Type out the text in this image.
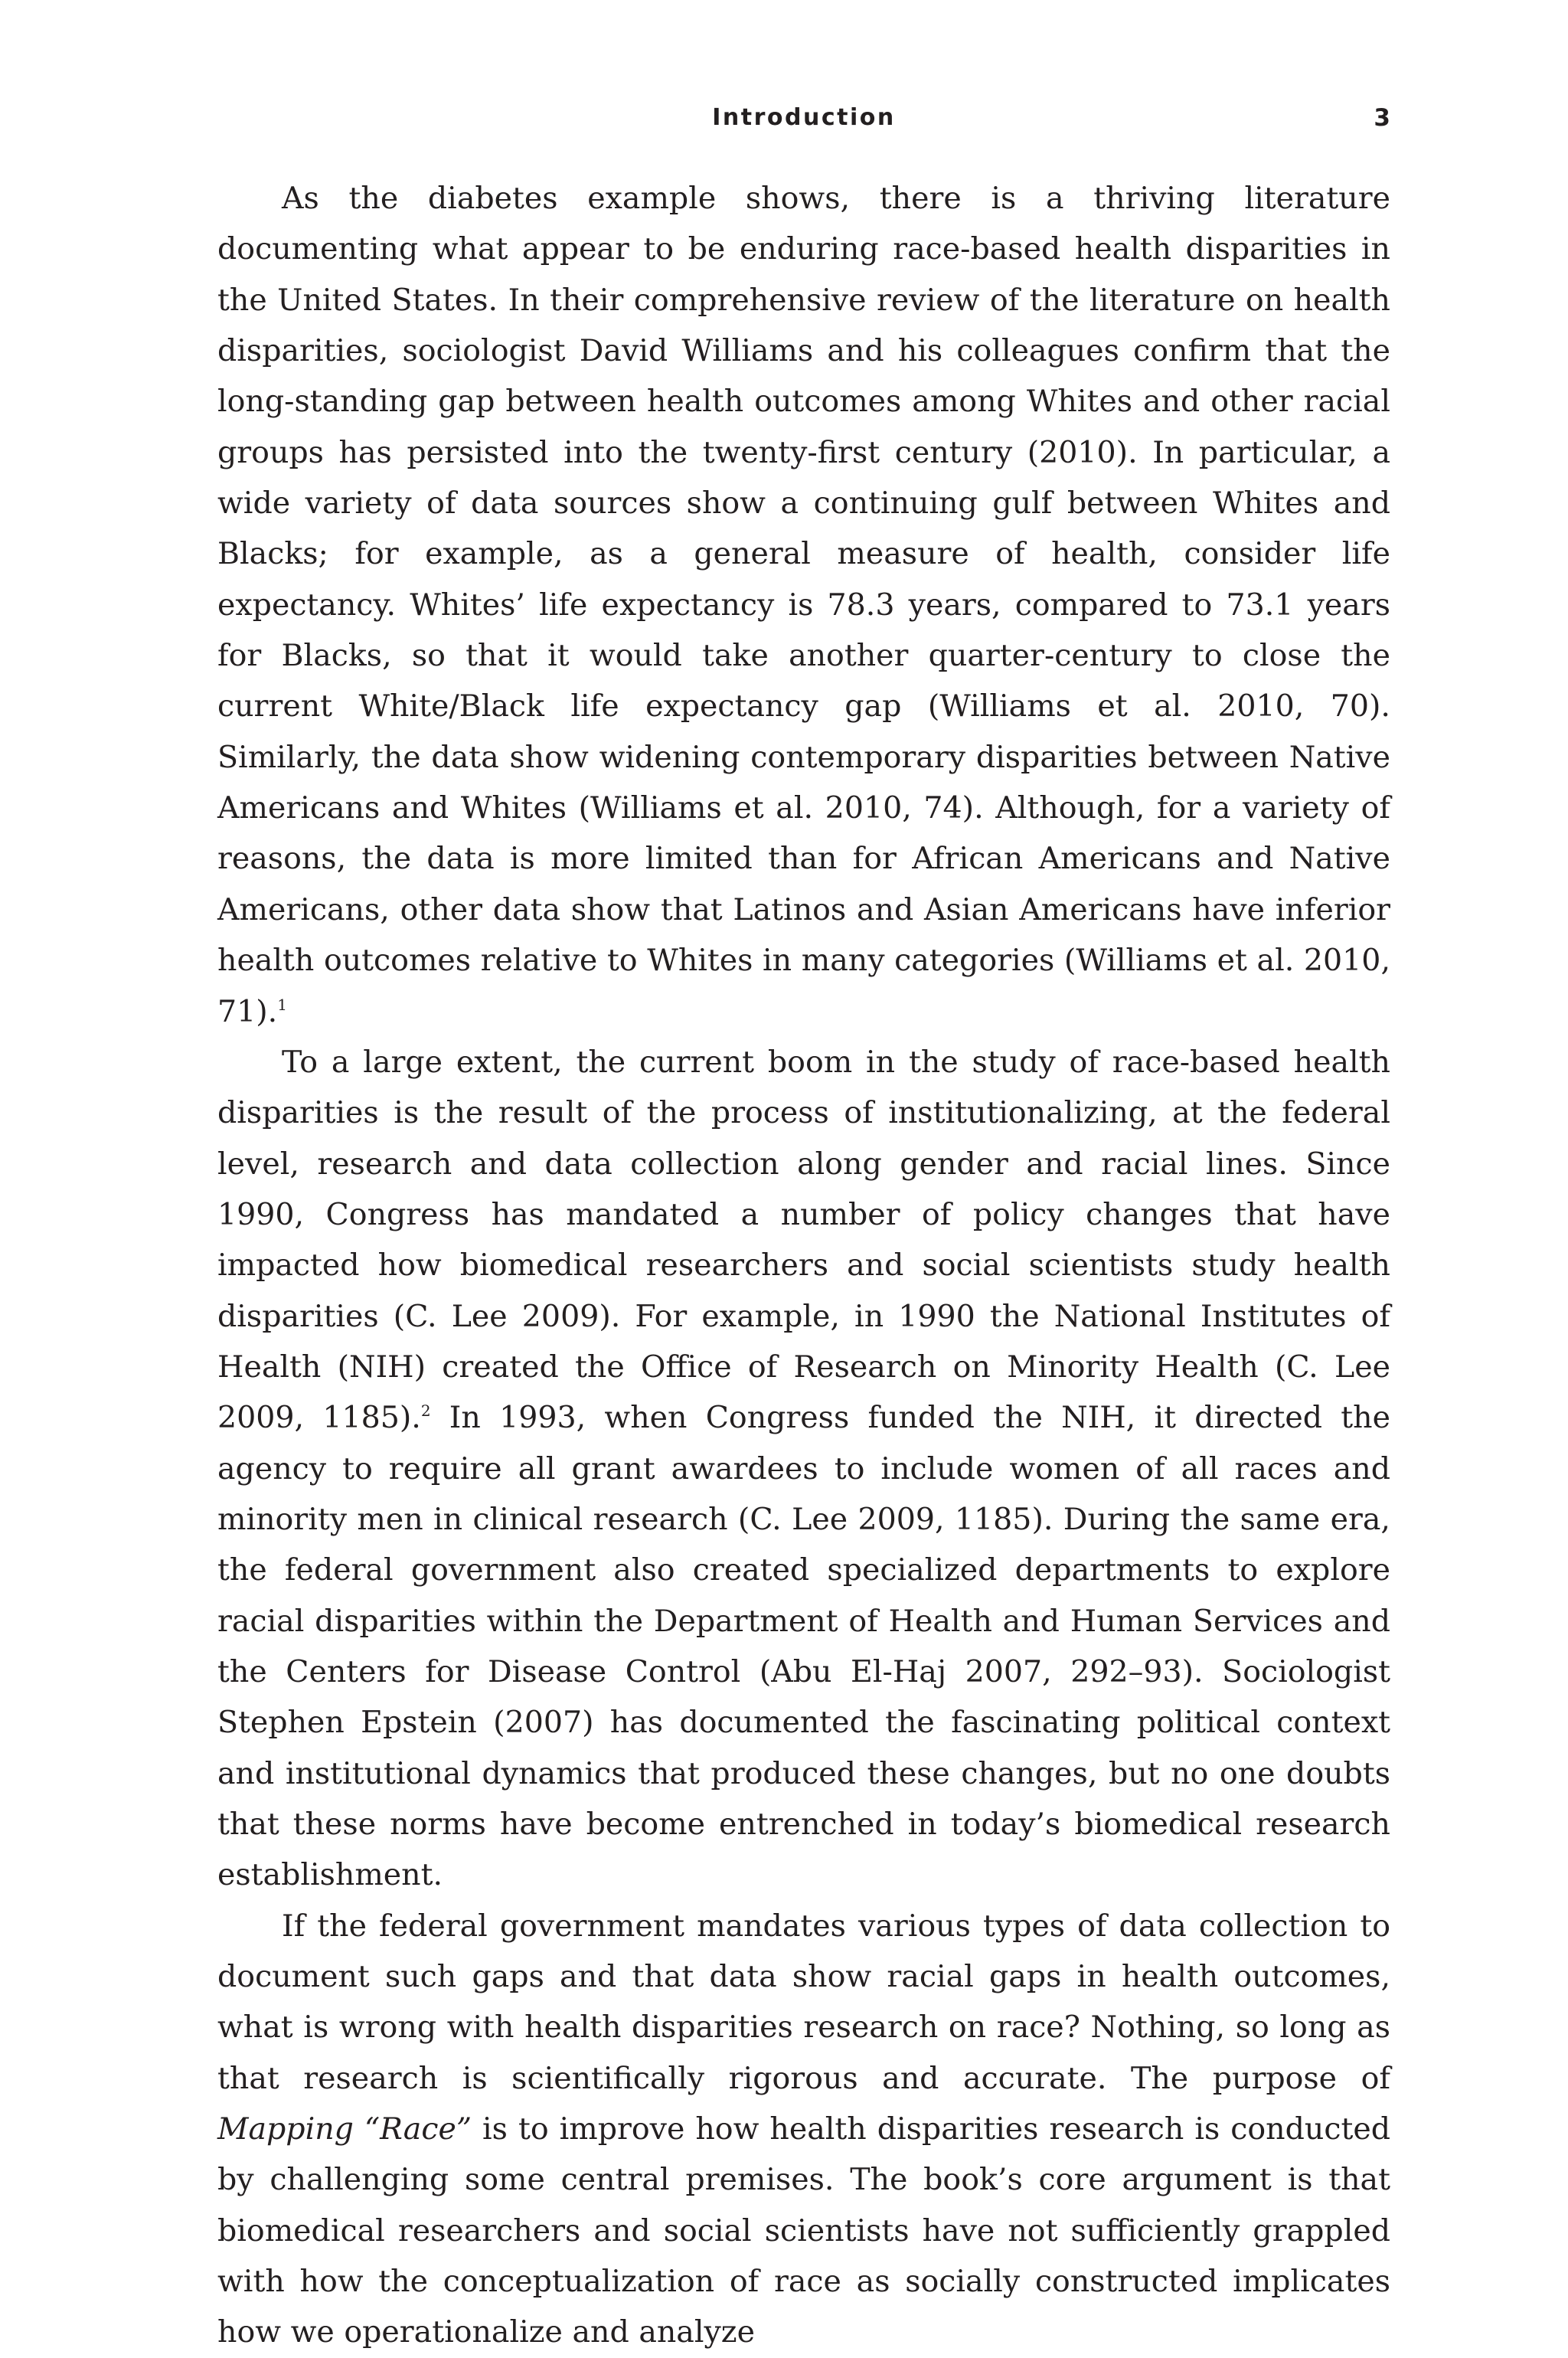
Introduction	3

As the diabetes example shows, there is a thriving literature documenting what appear to be enduring race-based health disparities in the United States. In their comprehensive review of the literature on health disparities, sociologist David Williams and his colleagues confirm that the long-standing gap between health outcomes among Whites and other racial groups has persisted into the twenty-first century (2010). In particular, a wide variety of data sources show a continuing gulf between Whites and Blacks; for example, as a general measure of health, consider life expectancy. Whites’ life expectancy is 78.3 years, compared to 73.1 years for Blacks, so that it would take another quarter-century to close the current White/Black life expectancy gap (Williams et al. 2010, 70). Similarly, the data show widening contemporary disparities between Native Americans and Whites (Williams et al. 2010, 74). Although, for a variety of reasons, the data is more limited than for African Americans and Native Americans, other data show that Latinos and Asian Americans have inferior health outcomes relative to Whites in many categories (Williams et al. 2010, 71).$^1$

To a large extent, the current boom in the study of race-based health disparities is the result of the process of institutionalizing, at the federal level, research and data collection along gender and racial lines. Since 1990, Congress has mandated a number of policy changes that have impacted how biomedical researchers and social scientists study health disparities (C. Lee 2009). For example, in 1990 the National Institutes of Health (NIH) created the Office of Research on Minority Health (C. Lee 2009, 1185).$^2$ In 1993, when Congress funded the NIH, it directed the agency to require all grant awardees to include women of all races and minority men in clinical research (C. Lee 2009, 1185). During the same era, the federal government also created specialized departments to explore racial disparities within the Department of Health and Human Services and the Centers for Disease Control (Abu El-Haj 2007, 292–93). Sociologist Stephen Epstein (2007) has documented the fascinating political context and institutional dynamics that produced these changes, but no one doubts that these norms have become entrenched in today’s biomedical research establishment.

If the federal government mandates various types of data collection to document such gaps and that data show racial gaps in health outcomes, what is wrong with health disparities research on race? Nothing, so long as that research is scientifically rigorous and accurate. The purpose of Mapping “Race” is to improve how health disparities research is conducted by challenging some central premises. The book’s core argument is that biomedical researchers and social scientists have not sufficiently grappled with how the conceptualization of race as socially constructed implicates how we operationalize and analyze
